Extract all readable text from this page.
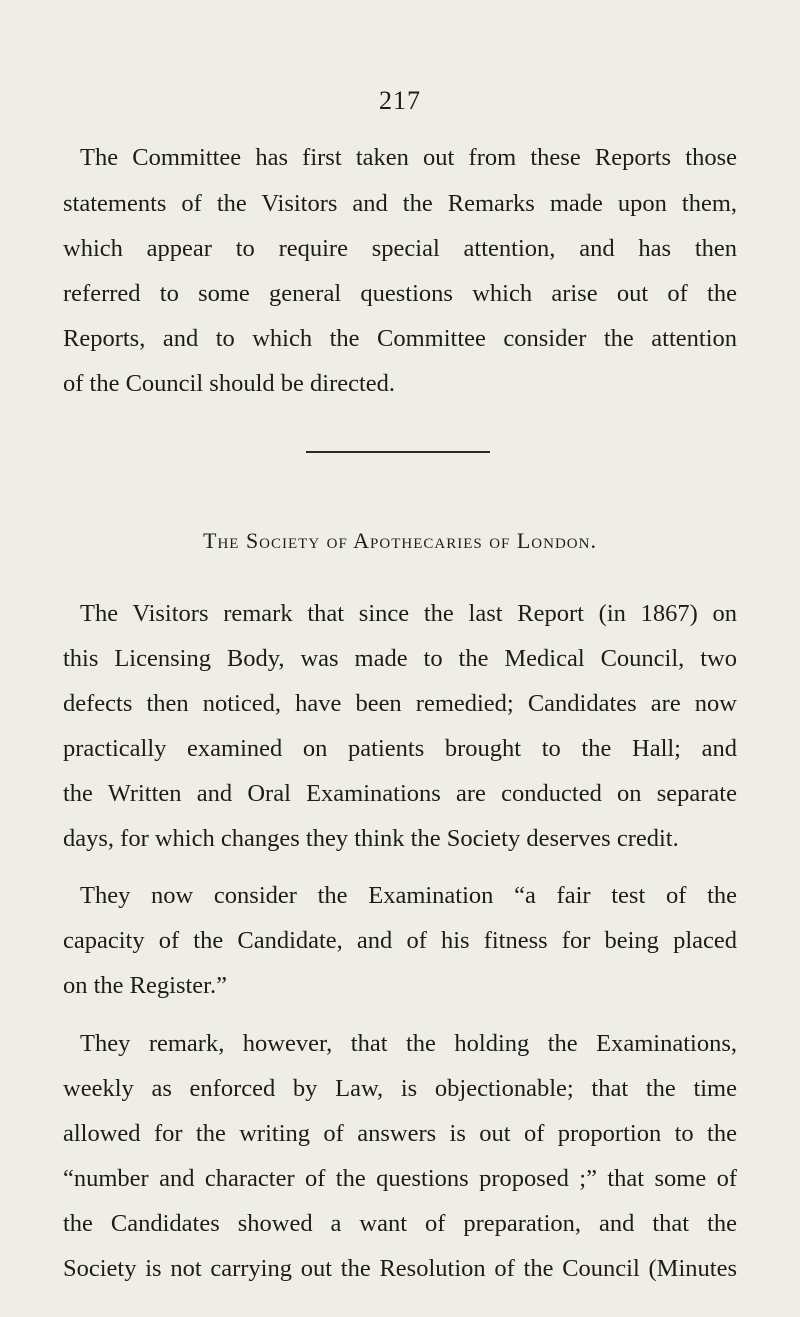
217
The Committee has first taken out from these Reports those
statements of the Visitors and the Remarks made upon them,
which appear to require special attention, and has then
referred to some general questions which arise out of the
Reports, and to which the Committee consider the attention
of the Council should be directed.
The Society of Apothecaries of London.
The Visitors remark that since the last Report (in 1867) on
this Licensing Body, was made to the Medical Council, two
defects then noticed, have been remedied; Candidates are now
practically examined on patients brought to the Hall; and
the Written and Oral Examinations are conducted on separate
days, for which changes they think the Society deserves credit.
They now consider the Examination “a fair test of the
capacity of the Candidate, and of his fitness for being placed
on the Register.”
They remark, however, that the holding the Examinations,
weekly as enforced by Law, is objectionable; that the time
allowed for the writing of answers is out of proportion to the
“number and character of the questions proposed ;” that some of
the Candidates showed a want of preparation, and that the
Society is not carrying out the Resolution of the Council (Minutes
